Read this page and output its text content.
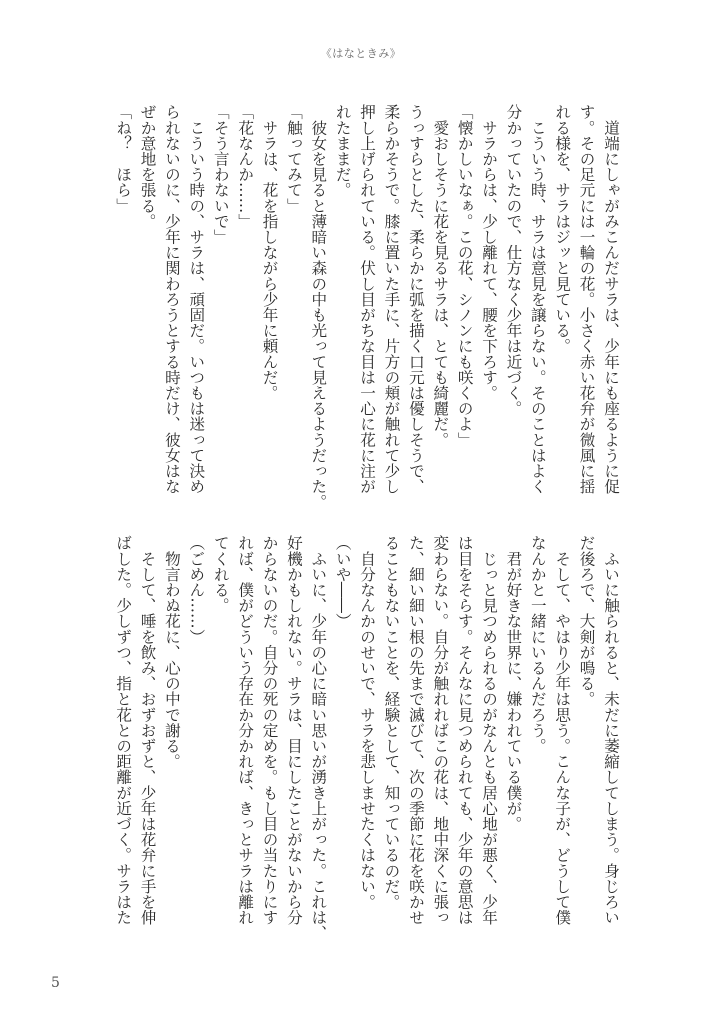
《はなときみ》

　道端にしゃがみこんだサラは、少年にも座るように促

す。その足元には一輪の花。小さく赤い花弁が微風に揺

れる様を、サラはジッと見ている。

　こういう時、サラは意見を譲らない。そのことはよく

分かっていたので、仕方なく少年は近づく。

　サラからは、少し離れて、腰を下ろす。

「懐かしいなぁ。この花、シノンにも咲くのよ」

　愛おしそうに花を見るサラは、とても綺麗だ。

うっすらとした、柔らかに弧を描く口元は優しそうで、

柔らかそうで。膝に置いた手に、片方の頬が触れて少し

押し上げられている。伏し目がちな目は一心に花に注が

れたままだ。

　彼女を見ると薄暗い森の中も光って見えるようだった。

「触ってみて」

　サラは、花を指しながら少年に頼んだ。

「花なんか……」

「そう言わないで」

　こういう時の、サラは、頑固だ。いつもは迷って決め

られないのに、少年に関わろうとする時だけ、彼女はな

ぜか意地を張る。

「ね？　ほら」

　ふいに触られると、未だに萎縮してしまう。身じろい

だ後ろで、大剣が鳴る。

　そして、やはり少年は思う。こんな子が、どうして僕

なんかと一緒にいるんだろう。

　君が好きな世界に、嫌われている僕が。

　じっと見つめられるのがなんとも居心地が悪く、少年

は目をそらす。そんなに見つめられても、少年の意思は

変わらない。自分が触れればこの花は、地中深くに張っ

た、細い細い根の先まで滅びて、次の季節に花を咲かせ

ることもないことを、経験として、知っているのだ。

　自分なんかのせいで、サラを悲しませたくはない。

（いや――）

　ふいに、少年の心に暗い思いが湧き上がった。これは、

好機かもしれない。サラは、目にしたことがないから分

からないのだ。自分の死の定めを。もし目の当たりにす

れば、僕がどういう存在か分かれば、きっとサラは離れ

てくれる。

（ごめん……）

　物言わぬ花に、心の中で謝る。

　そして、唾を飲み、おずおずと、少年は花弁に手を伸

ばした。少しずつ、指と花との距離が近づく。サラはた

5
